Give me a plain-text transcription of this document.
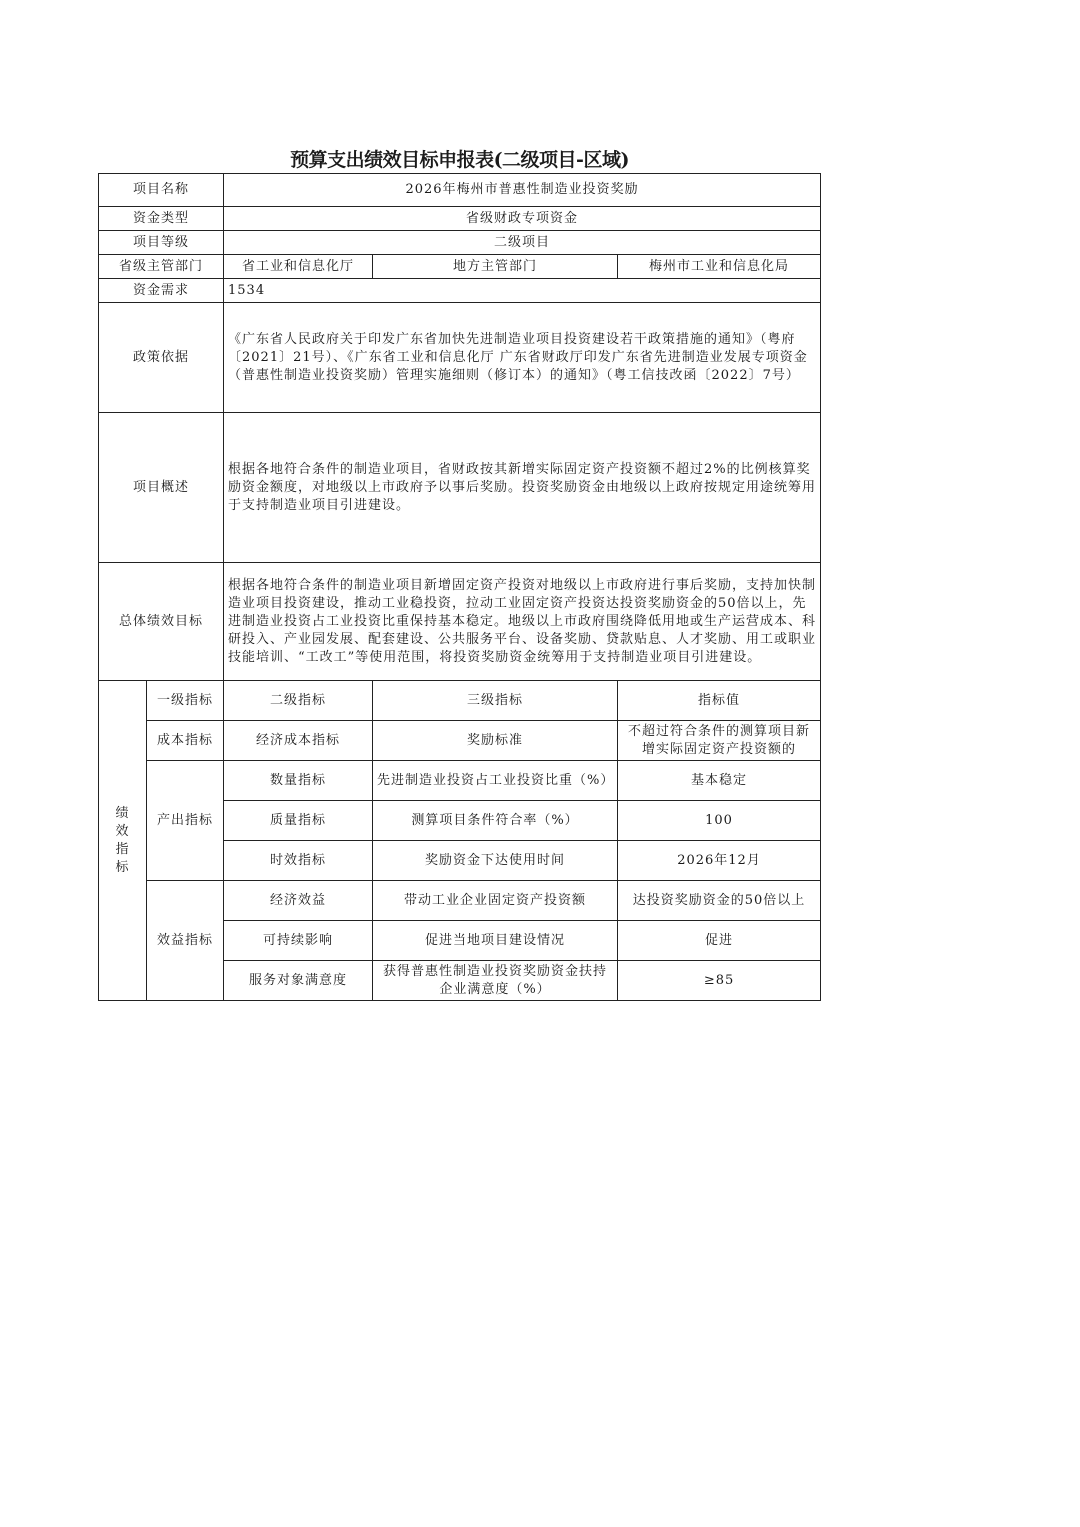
预算支出绩效目标申报表(二级项目-区域)
项目名称		2026年梅州市普惠性制造业投资奖励		
资金类型		省级财政专项资金		
项目等级		二级项目		
省级主管部门		省工业和信息化厅	地方主管部门	梅州市工业和信息化局
资金需求		1534		
政策依据		《广东省人民政府关于印发广东省加快先进制造业项目投资建设若干政策措施的通知》（粤府〔2021〕21号）、《广东省工业和信息化厅 广东省财政厅印发广东省先进制造业发展专项资金（普惠性制造业投资奖励）管理实施细则（修订本）的通知》（粤工信技改函〔2022〕7号）		
项目概述		根据各地符合条件的制造业项目，省财政按其新增实际固定资产投资额不超过2%的比例核算奖励资金额度，对地级以上市政府予以事后奖励。投资奖励资金由地级以上政府按规定用途统筹用于支持制造业项目引进建设。		
总体绩效目标		根据各地符合条件的制造业项目新增固定资产投资对地级以上市政府进行事后奖励，支持加快制造业项目投资建设，推动工业稳投资，拉动工业固定资产投资达投资奖励资金的50倍以上，先进制造业投资占工业投资比重保持基本稳定。地级以上市政府围绕降低用地或生产运营成本、科研投入、产业园发展、配套建设、公共服务平台、设备奖励、贷款贴息、人才奖励、用工或职业技能培训、“工改工”等使用范围，将投资奖励资金统筹用于支持制造业项目引进建设。		

绩
效
指
标	一级指标	二级指标	三级指标	指标值
	成本指标	经济成本指标	奖励标准	不超过符合条件的测算项目新增实际固定资产投资额的
	产出指标	数量指标	先进制造业投资占工业投资比重（%）	基本稳定
		质量指标	测算项目条件符合率（%）	100
		时效指标	奖励资金下达使用时间	2026年12月
	效益指标	经济效益	带动工业企业固定资产投资额	达投资奖励资金的50倍以上
		可持续影响	促进当地项目建设情况	促进
		服务对象满意度	获得普惠性制造业投资奖励资金扶持企业满意度（%）	≥85
